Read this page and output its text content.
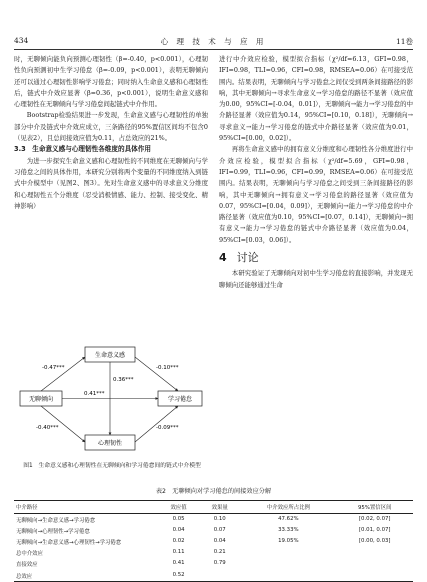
434	心 理 技 术 与 应 用	11卷

时，无聊倾向能负向预测心理韧性（β=-0.40，p<0.001），心理韧性负向预测初中生学习倦怠（β=-0.09，p<0.001），表明无聊倾向还可以通过心理韧性影响学习倦怠；同时纳入生命意义感和心理韧性后，链式中介效应显著（β=0.36，p<0.001），说明生命意义感和心理韧性在无聊倾向与学习倦怠间起链式中介作用。

Bootstrap检验结果进一步发现，生命意义感与心理韧性的单独部分中介及链式中介效应成立，三条路径的95%置信区间均不包含0（见表2），且总间接效应值为0.11，占总效应的21%。

3.3　生命意义感与心理韧性各维度的具体作用

为进一步探究生命意义感和心理韧性的不同维度在无聊倾向与学习倦怠之间的具体作用，本研究分别将两个变量的不同维度纳入到链式中介模型中（见图2、图3）。先对生命意义感中的寻求意义分维度和心理韧性五个分维度（忍受消极情感、能力、控制、接受变化、精神影响）

生命意义感
无聊倾向	学习倦怠
心理韧性
-0.47***	-0.10***
0.36***
0.41***
-0.40***	-0.09***
图1　生命意义感和心理韧性在无聊倾向和学习倦怠间的链式中介模型

进行中介效应检验，模型拟合指标（χ²/df=6.13，GFI=0.98，IFI=0.98，TLI=0.96，CFI=0.98，RMSEA=0.06）在可接受范围内。结果表明，无聊倾向与学习倦怠之间仅受到两条间接路径的影响，其中无聊倾向→寻求生命意义→学习倦怠的路径不显著（效应值为0.00，95%CI=[-0.04，0.01]），无聊倾向→能力→学习倦怠的中介路径显著（效应值为0.14，95%CI=[0.10，0.18]），无聊倾向→寻求意义→能力→学习倦怠的链式中介路径显著（效应值为0.01，95%CI=[0.00，0.02]）。

再将生命意义感中的拥有意义分维度和心理韧性各分维度进行中介效应检验，模型拟合指标（χ²/df=5.69，GFI=0.98，IFI=0.99，TLI=0.96，CFI=0.99，RMSEA=0.06）在可接受范围内。结果表明，无聊倾向与学习倦怠之间受到三条间接路径的影响，其中无聊倾向→拥有意义→学习倦怠的路径显著（效应值为0.07，95%CI=[0.04，0.09]），无聊倾向→能力→学习倦怠的中介路径显著（效应值为0.10，95%CI=[0.07，0.14]），无聊倾向→拥有意义→能力→学习倦怠的链式中介路径显著（效应值为0.04，95%CI=[0.03，0.06]）。

4 讨论

本研究验证了无聊倾向对初中生学习倦怠的直接影响，并发现无聊倾向还能够通过生命

表2　无聊倾向对学习倦怠的间接效应分解
中介路径	效应值	效果量	中介效应所占比例	95%置信区间
无聊倾向→生命意义感→学习倦怠	0.05	0.10	47.62%	[0.02, 0.07]
无聊倾向→心理韧性→学习倦怠	0.04	0.07	33.33%	[0.01, 0.07]
无聊倾向→生命意义感→心理韧性→学习倦怠	0.02	0.04	19.05%	[0.00, 0.03]
总中介效应	0.11	0.21		
直接效应	0.41	0.79		
总效应	0.52			
